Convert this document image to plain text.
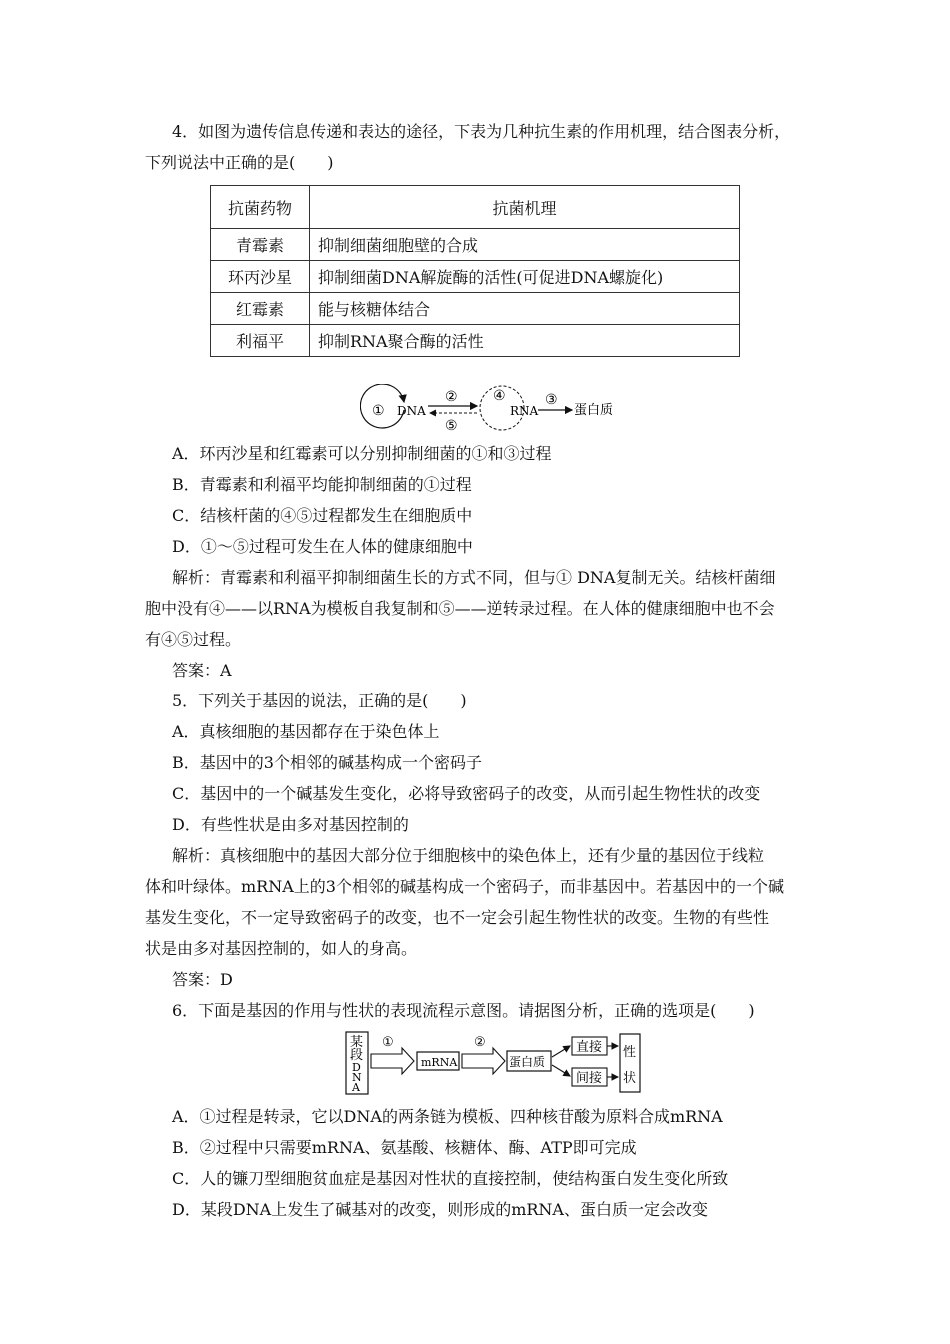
4．如图为遗传信息传递和表达的途径，下表为几种抗生素的作用机理，结合图表分析，
下列说法中正确的是(　　)
抗菌药物	抗菌机理
青霉素	抑制细菌细胞壁的合成
环丙沙星	抑制细菌DNA解旋酶的活性(可促进DNA螺旋化)
红霉素	能与核糖体结合
利福平	抑制RNA聚合酶的活性
① DNA
②
⑤
④
RNA
③
蛋白质
A．环丙沙星和红霉素可以分别抑制细菌的①和③过程
B．青霉素和利福平均能抑制细菌的①过程
C．结核杆菌的④⑤过程都发生在细胞质中
D．①～⑤过程可发生在人体的健康细胞中
解析：青霉素和利福平抑制细菌生长的方式不同，但与① DNA复制无关。结核杆菌细
胞中没有④——以RNA为模板自我复制和⑤——逆转录过程。在人体的健康细胞中也不会
有④⑤过程。
答案：A
5．下列关于基因的说法，正确的是(　　)
A．真核细胞的基因都存在于染色体上
B．基因中的3个相邻的碱基构成一个密码子
C．基因中的一个碱基发生变化，必将导致密码子的改变，从而引起生物性状的改变
D．有些性状是由多对基因控制的
解析：真核细胞中的基因大部分位于细胞核中的染色体上，还有少量的基因位于线粒
体和叶绿体。mRNA上的3个相邻的碱基构成一个密码子，而非基因中。若基因中的一个碱
基发生变化，不一定导致密码子的改变，也不一定会引起生物性状的改变。生物的有些性
状是由多对基因控制的，如人的身高。
答案：D
6．下面是基因的作用与性状的表现流程示意图。请据图分析，正确的选项是(　　)
某
段
D
N
A
①
mRNA
②
蛋白质
直接
间接
性
状
A．①过程是转录，它以DNA的两条链为模板、四种核苷酸为原料合成mRNA
B．②过程中只需要mRNA、氨基酸、核糖体、酶、ATP即可完成
C．人的镰刀型细胞贫血症是基因对性状的直接控制，使结构蛋白发生变化所致
D．某段DNA上发生了碱基对的改变，则形成的mRNA、蛋白质一定会改变
